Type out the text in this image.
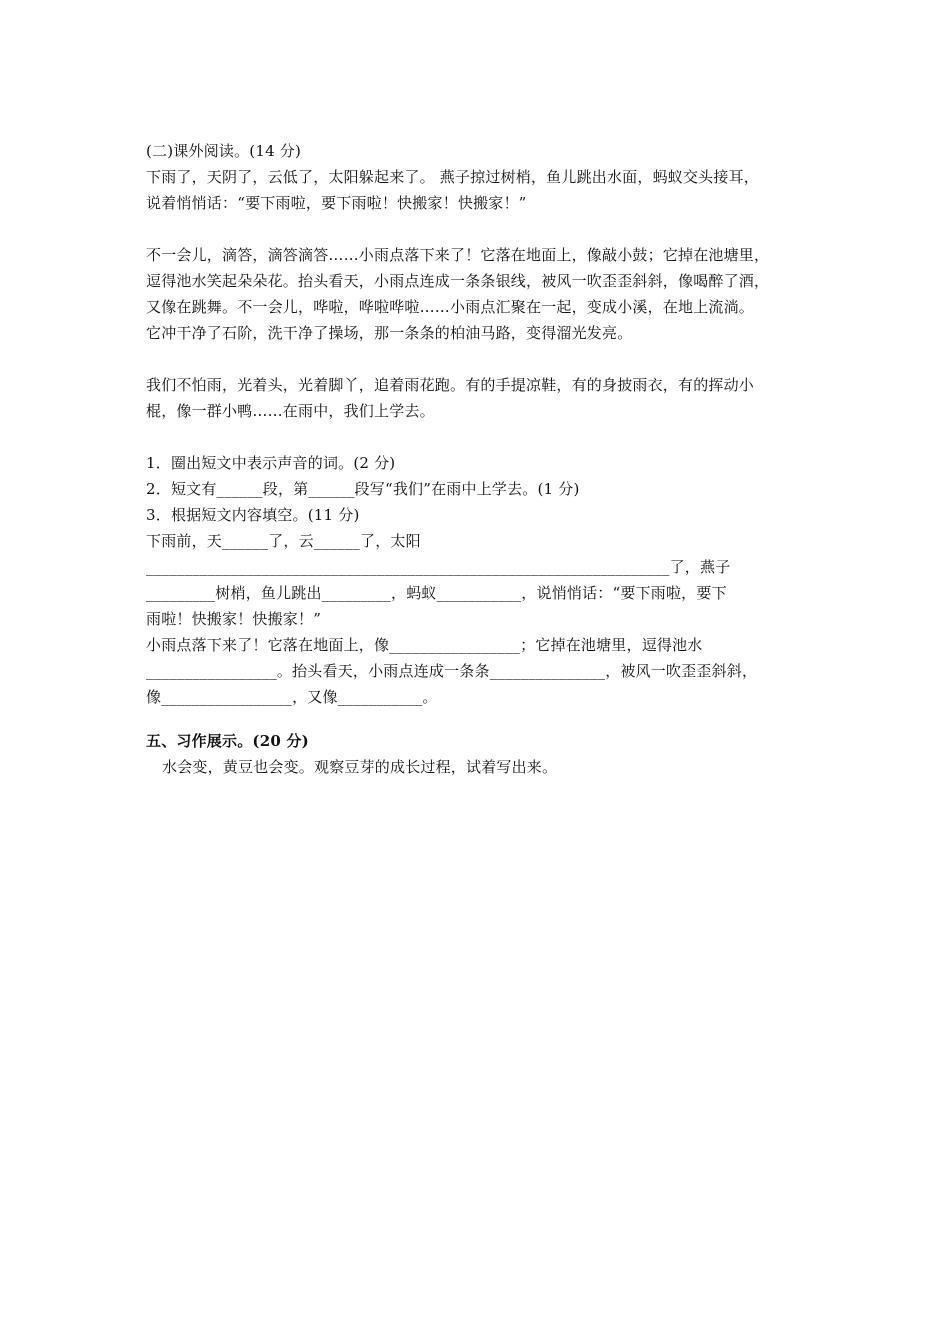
(二)课外阅读。(14 分)
下雨了，天阴了，云低了，太阳躲起来了。 燕子掠过树梢，鱼儿跳出水面，蚂蚁交头接耳，
说着悄悄话：“要下雨啦，要下雨啦！快搬家！快搬家！”
不一会儿，滴答，滴答滴答……小雨点落下来了！它落在地面上，像敲小鼓；它掉在池塘里，
逗得池水笑起朵朵花。抬头看天，小雨点连成一条条银线，被风一吹歪歪斜斜，像喝醉了酒，
又像在跳舞。不一会儿，哗啦，哗啦哗啦……小雨点汇聚在一起，变成小溪，在地上流淌。
它冲干净了石阶，洗干净了操场，那一条条的柏油马路，变得溜光发亮。
我们不怕雨，光着头，光着脚丫，追着雨花跑。有的手提凉鞋，有的身披雨衣，有的挥动小
棍，像一群小鸭……在雨中，我们上学去。
1．圈出短文中表示声音的词。(2 分)
2．短文有______段，第______段写“我们”在雨中上学去。(1 分)
3．根据短文内容填空。(11 分)
下雨前，天______了，云______了，太阳
____________________________________________________________________了，燕子
_________树梢，鱼儿跳出_________，蚂蚁___________，说悄悄话：“要下雨啦，要下
雨啦！快搬家！快搬家！”
小雨点落下来了！它落在地面上，像_________________；它掉在池塘里，逗得池水
_________________。抬头看天，小雨点连成一条条_______________，被风一吹歪歪斜斜，
像_________________，又像___________。
五、习作展示。(20 分)
水会变，黄豆也会变。观察豆芽的成长过程，试着写出来。
